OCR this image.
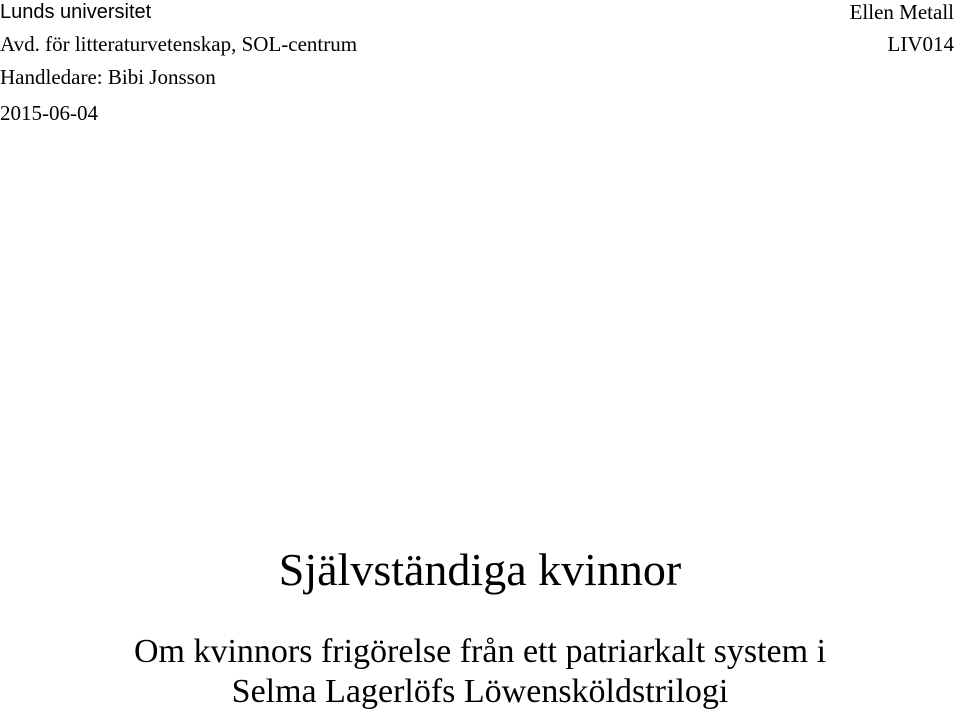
Lunds universitet
Avd. för litteraturvetenskap, SOL-centrum
Handledare: Bibi Jonsson
2015-06-04
Ellen Metall
LIV014
Självständiga kvinnor
Om kvinnors frigörelse från ett patriarkalt system i
Selma Lagerlöfs Löwensköldstrilogi
